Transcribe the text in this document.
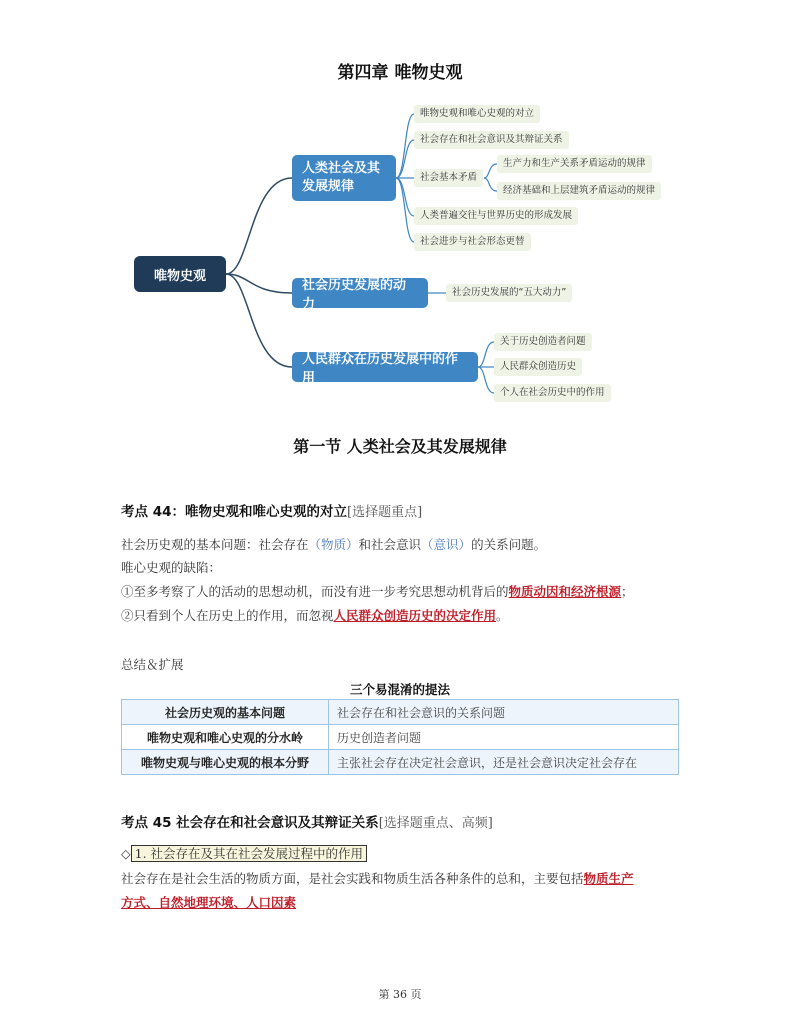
第四章 唯物史观
唯物史观
人类社会及其发展规律
社会历史发展的动力
人民群众在历史发展中的作用
唯物史观和唯心史观的对立
社会存在和社会意识及其辩证关系
社会基本矛盾
生产力和生产关系矛盾运动的规律
经济基础和上层建筑矛盾运动的规律
人类普遍交往与世界历史的形成发展
社会进步与社会形态更替
社会历史发展的“五大动力”
关于历史创造者问题
人民群众创造历史
个人在社会历史中的作用
第一节 人类社会及其发展规律
考点 44：唯物史观和唯心史观的对立[选择题重点]
社会历史观的基本问题：社会存在（物质）和社会意识（意识）的关系问题。
唯心史观的缺陷：
①至多考察了人的活动的思想动机，而没有进一步考究思想动机背后的物质动因和经济根源；
②只看到个人在历史上的作用，而忽视人民群众创造历史的决定作用。
总结＆扩展
三个易混淆的提法
社会历史观的基本问题	社会存在和社会意识的关系问题
唯物史观和唯心史观的分水岭	历史创造者问题
唯物史观与唯心史观的根本分野	主张社会存在决定社会意识，还是社会意识决定社会存在
考点 45 社会存在和社会意识及其辩证关系[选择题重点、高频]
◇ 1. 社会存在及其在社会发展过程中的作用
社会存在是社会生活的物质方面，是社会实践和物质生活各种条件的总和，主要包括物质生产
方式、自然地理环境、人口因素
第 36 页
